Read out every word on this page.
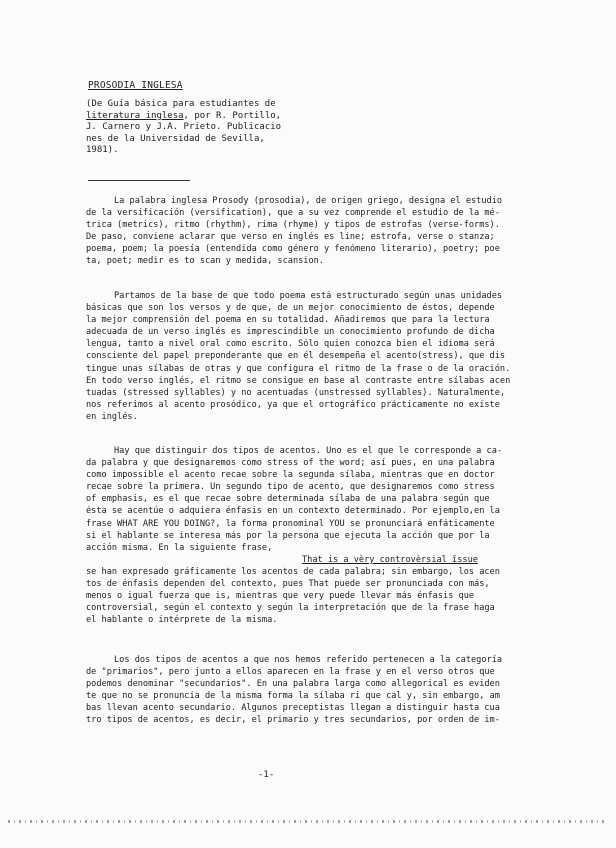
PROSODIA INGLESA
(De Guía básica para estudiantes de
literatura inglesa, por R. Portillo,
J. Carnero y J.A. Prieto. Publicacio
nes de la Universidad de Sevilla,
1981).
La palabra inglesa Prosody (prosodia), de origen griego, designa el estudio
de la versificación (versification), que a su vez comprende el estudio de la mé-
trica (metrics), ritmo (rhythm), rima (rhyme) y tipos de estrofas (verse-forms).
De paso, conviene aclarar que verso en inglés es line; estrofa, verse o stanza;
poema, poem; la poesía (entendida como género y fenómeno literario), poetry; poe
ta, poet; medir es to scan y medida, scansion.
Partamos de la base de que todo poema está estructurado según unas unidades
básicas que son los versos y de que, de un mejor conocimiento de éstos, depende
la mejor comprensión del poema en su totalidad. Añadiremos que para la lectura
adecuada de un verso inglés es imprescindible un conocimiento profundo de dicha
lengua, tanto a nivel oral como escrito. Sólo quien conozca bien el idioma será
consciente del papel preponderante que en él desempeña el acento(stress), que dis
tingue unas sílabas de otras y que configura el ritmo de la frase o de la oración.
En todo verso inglés, el ritmo se consigue en base al contraste entre sílabas acen
tuadas (stressed syllables) y no acentuadas (unstressed syllables). Naturalmente,
nos referimos al acento prosódico, ya que el ortográfico prácticamente no existe
en inglés.
Hay que distinguir dos tipos de acentos. Uno es el que le corresponde a ca-
da palabra y que designaremos como stress of the word; así pues, en una palabra
como impossible el acento recae sobre la segunda sílaba, mientras que en doctor
recae sobre la primera. Un segundo tipo de acento, que designaremos como stress
of emphasis, es el que recae sobre determinada sílaba de una palabra según que
ésta se acentúe o adquiera énfasis en un contexto determinado. Por ejemplo,en la
frase WHAT ARE YOU DOING?, la forma pronominal YOU se pronunciará enfáticamente
si el hablante se interesa más por la persona que ejecuta la acción que por la
acción misma. En la siguiente frase,
That is a vèry controvèrsial îssue
se han expresado gráficamente los acentos de cada palabra; sin embargo, los acen
tos de énfasis dependen del contexto, pues That puede ser pronunciada con más,
menos o igual fuerza que is, mientras que very puede llevar más énfasis que
controversial, según el contexto y según la interpretación que de la frase haga
el hablante o intérprete de la misma.
Los dos tipos de acentos a que nos hemos referido pertenecen a la categoría
de "primarios", pero junto a ellos aparecen en la frase y en el verso otros que
podemos denominar "secundarios". En una palabra larga como allegorical es eviden
te que no se pronuncia de la misma forma la sílaba ri que cal y, sin embargo, am
bas llevan acento secundario. Algunos preceptistas llegan a distinguir hasta cua
tro tipos de acentos, es decir, el primario y tres secundarios, por orden de im-
-1-
